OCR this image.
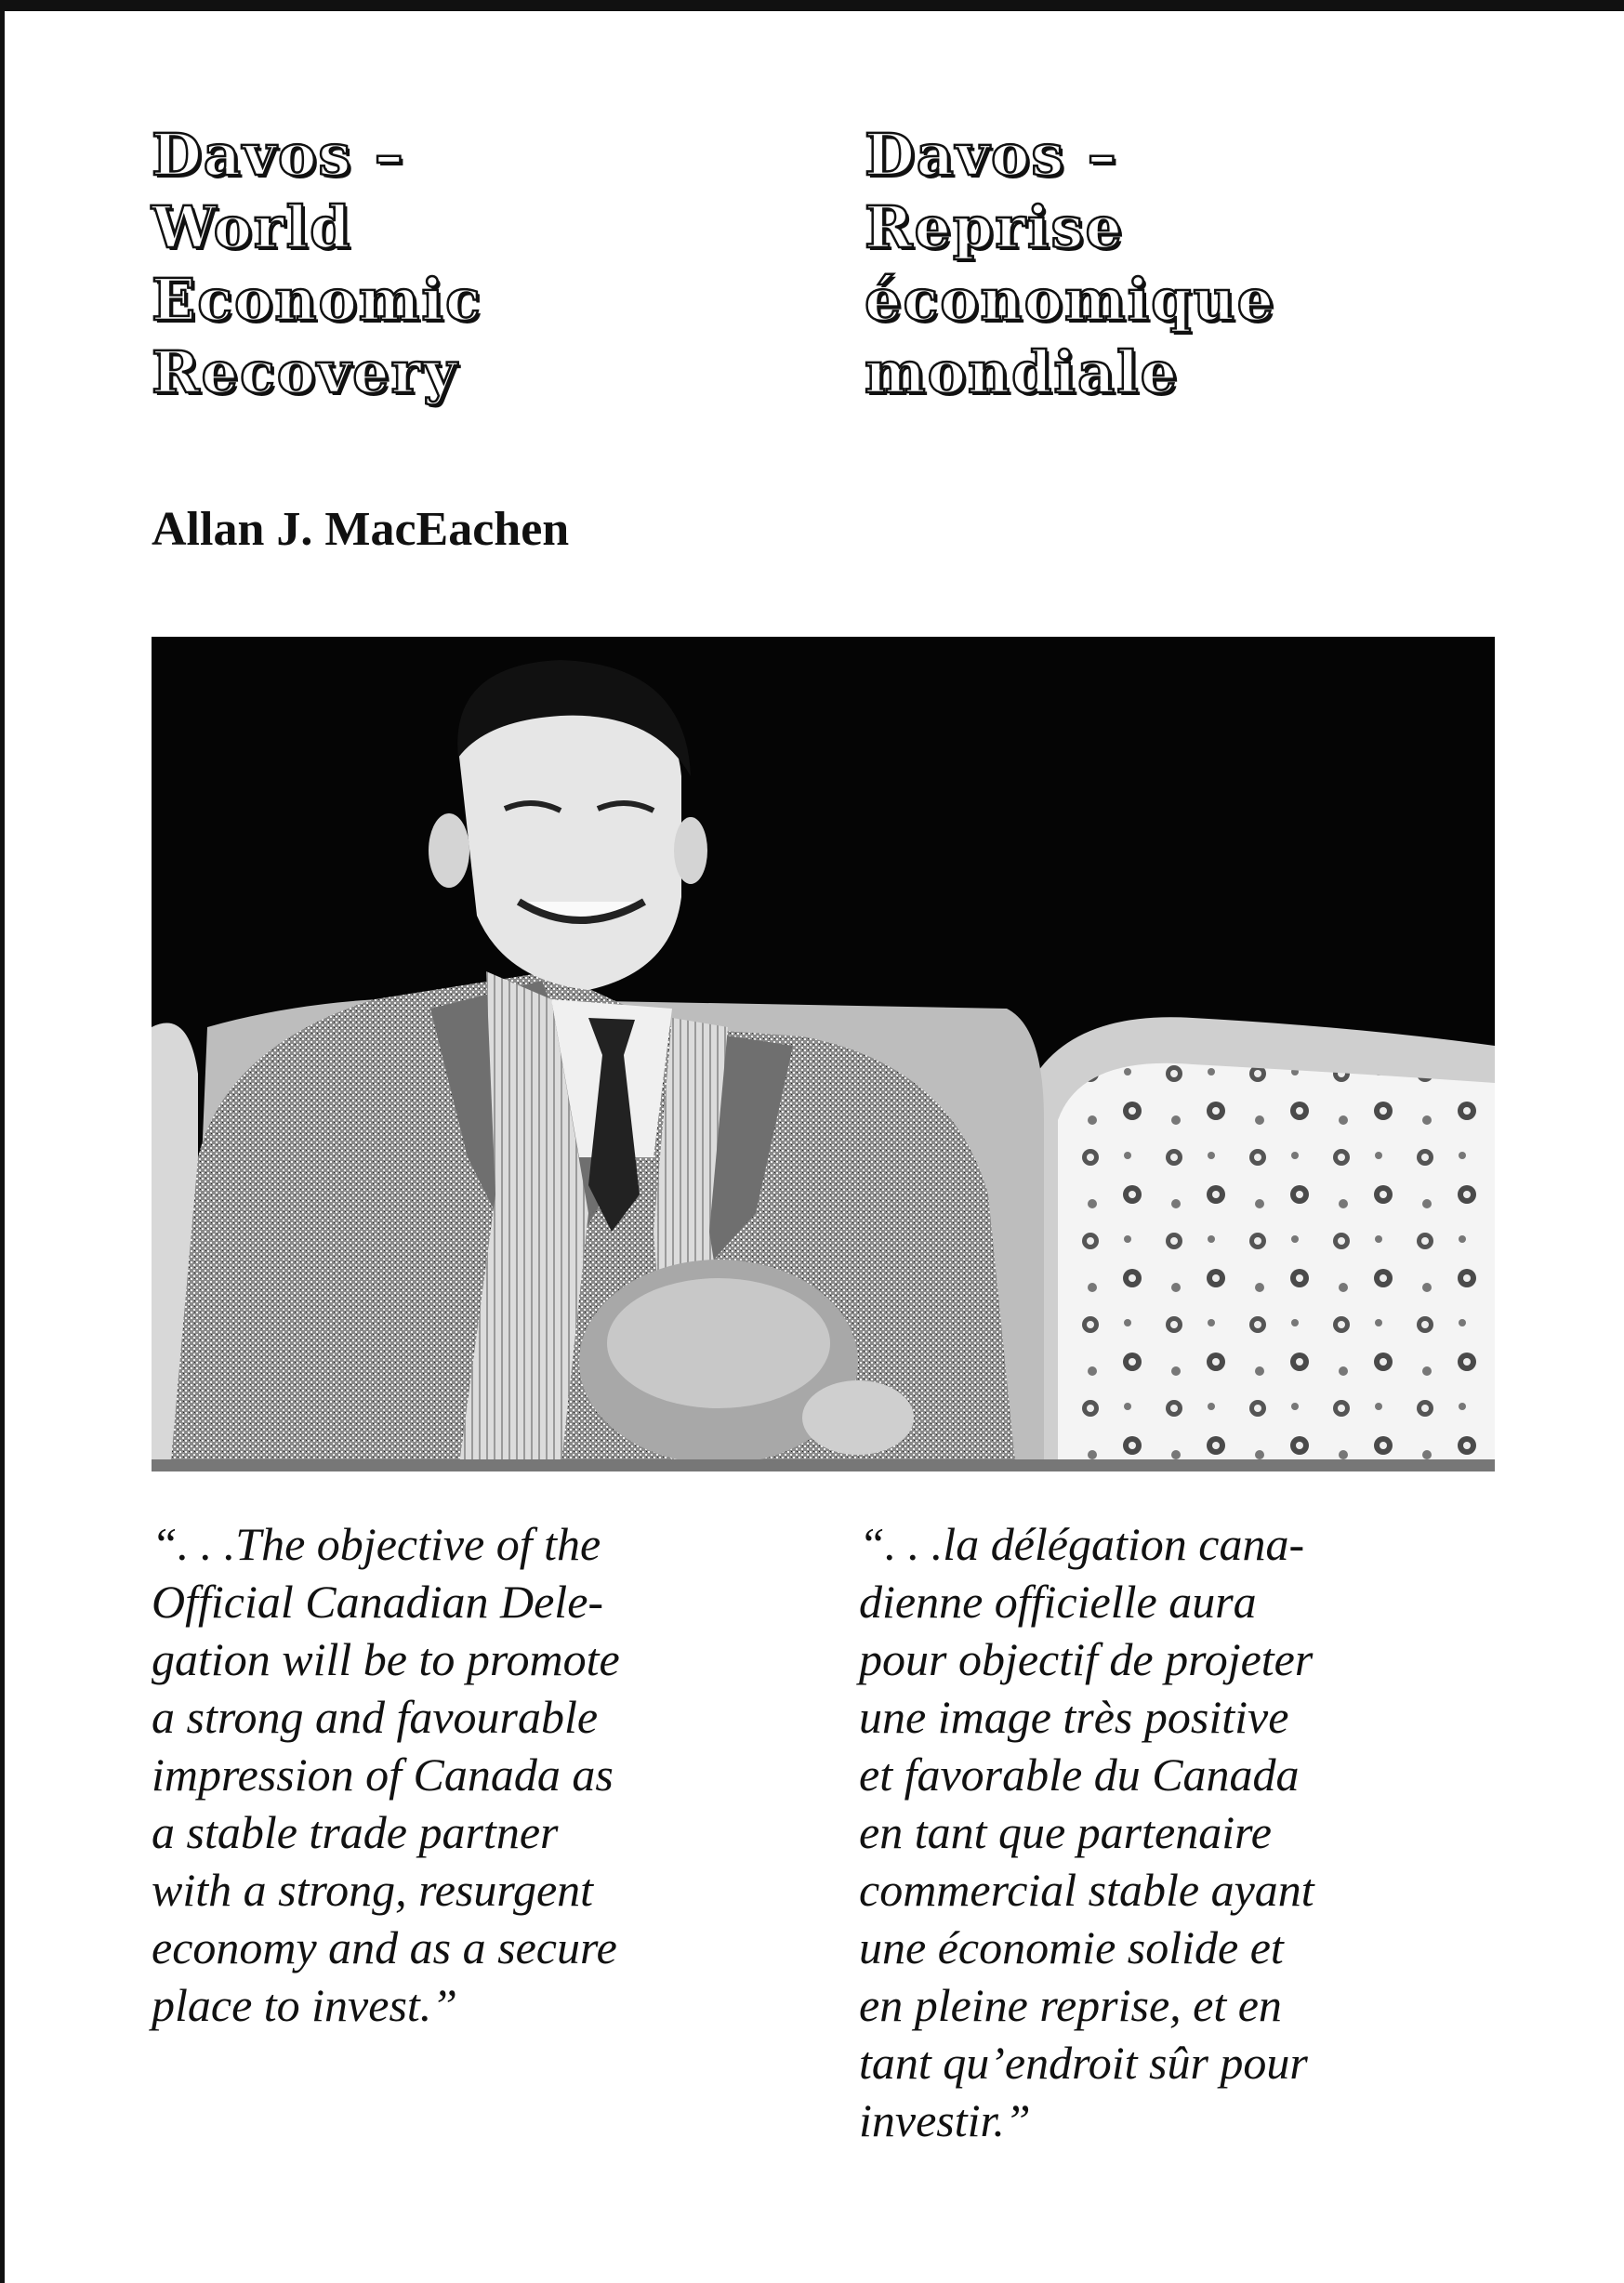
Davos –
World
Economic
Recovery
Davos –
Reprise
économique
mondiale

Allan J. MacEachen

“. . .The objective of the
Official Canadian Dele-
gation will be to promote
a strong and favourable
impression of Canada as
a stable trade partner
with a strong, resurgent
economy and as a secure
place to invest.”

“. . .la délégation cana-
dienne officielle aura
pour objectif de projeter
une image très positive
et favorable du Canada
en tant que partenaire
commercial stable ayant
une économie solide et
en pleine reprise, et en
tant qu’endroit sûr pour
investir.”
